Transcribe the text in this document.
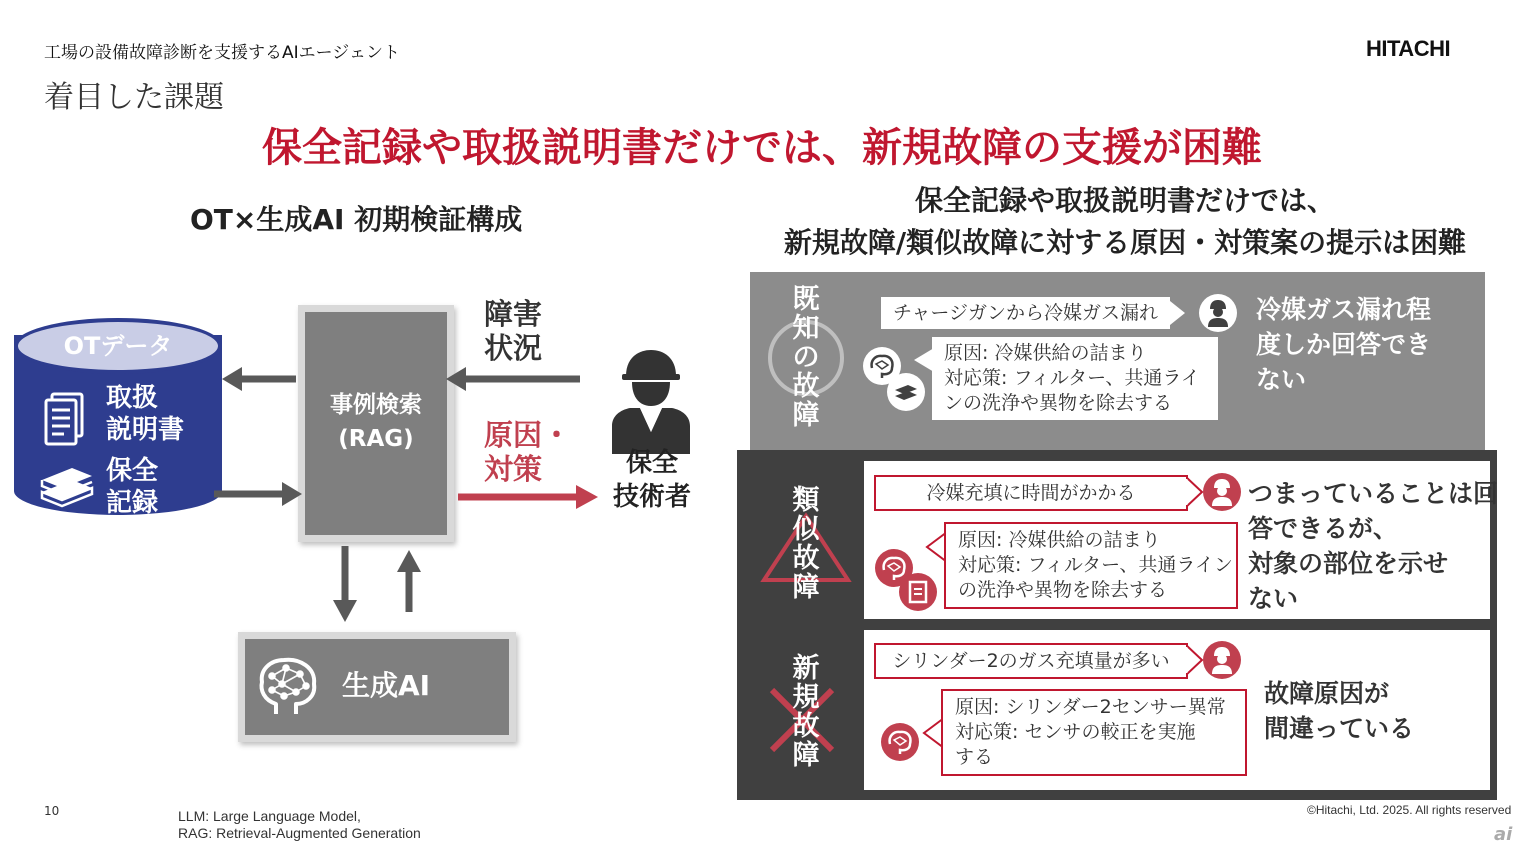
工場の設備故障診断を支援するAIエージェント
着目した課題
HITACHI
保全記録や取扱説明書だけでは、新規故障の支援が困難
OT×生成AI 初期検証構成
OTデータ
取扱
説明書
保全
記録
事例検索
(RAG)
生成AI
障害
状況
原因・
対策	保全
技術者
保全記録や取扱説明書だけでは、
新規故障/類似故障に対する原因・対策案の提示は困難
既知の故障
チャージガンから冷媒ガス漏れ
原因: 冷媒供給の詰まり
対応策: フィルター、共通ライ
ンの洗浄や異物を除去する
冷媒ガス漏れ程
度しか回答でき
ない
類似故障
冷媒充填に時間がかかる
原因: 冷媒供給の詰まり
対応策: フィルター、共通ライン
の洗浄や異物を除去する
つまっていることは回
答できるが、
対象の部位を示せ
ない
新規故障
シリンダー2のガス充填量が多い
原因: シリンダー2センサー異常
対応策: センサの較正を実施
する
故障原因が
間違っている
10	LLM: Large Language Model,
RAG: Retrieval-Augmented Generation
©Hitachi, Ltd. 2025. All rights reserved
ai
